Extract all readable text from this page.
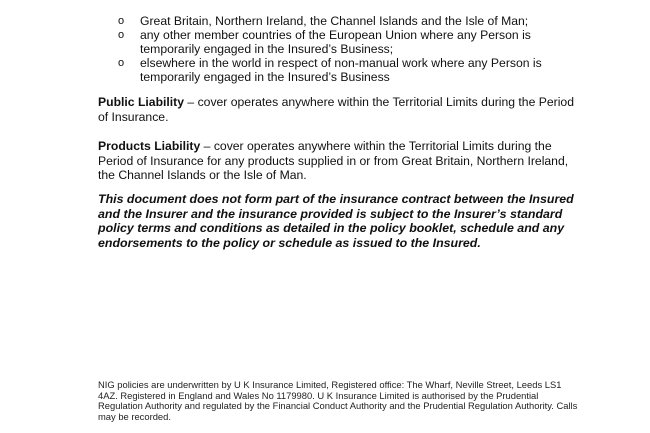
o Great Britain, Northern Ireland, the Channel Islands and the Isle of Man;
o any other member countries of the European Union where any Person is temporarily engaged in the Insured’s Business;
o elsewhere in the world in respect of non-manual work where any Person is temporarily engaged in the Insured’s Business

Public Liability – cover operates anywhere within the Territorial Limits during the Period of Insurance.

Products Liability – cover operates anywhere within the Territorial Limits during the Period of Insurance for any products supplied in or from Great Britain, Northern Ireland, the Channel Islands or the Isle of Man.

This document does not form part of the insurance contract between the Insured and the Insurer and the insurance provided is subject to the Insurer’s standard policy terms and conditions as detailed in the policy booklet, schedule and any endorsements to the policy or schedule as issued to the Insured.

NIG policies are underwritten by U K Insurance Limited, Registered office: The Wharf, Neville Street, Leeds LS1 4AZ. Registered in England and Wales No 1179980. U K Insurance Limited is authorised by the Prudential Regulation Authority and regulated by the Financial Conduct Authority and the Prudential Regulation Authority. Calls may be recorded.
